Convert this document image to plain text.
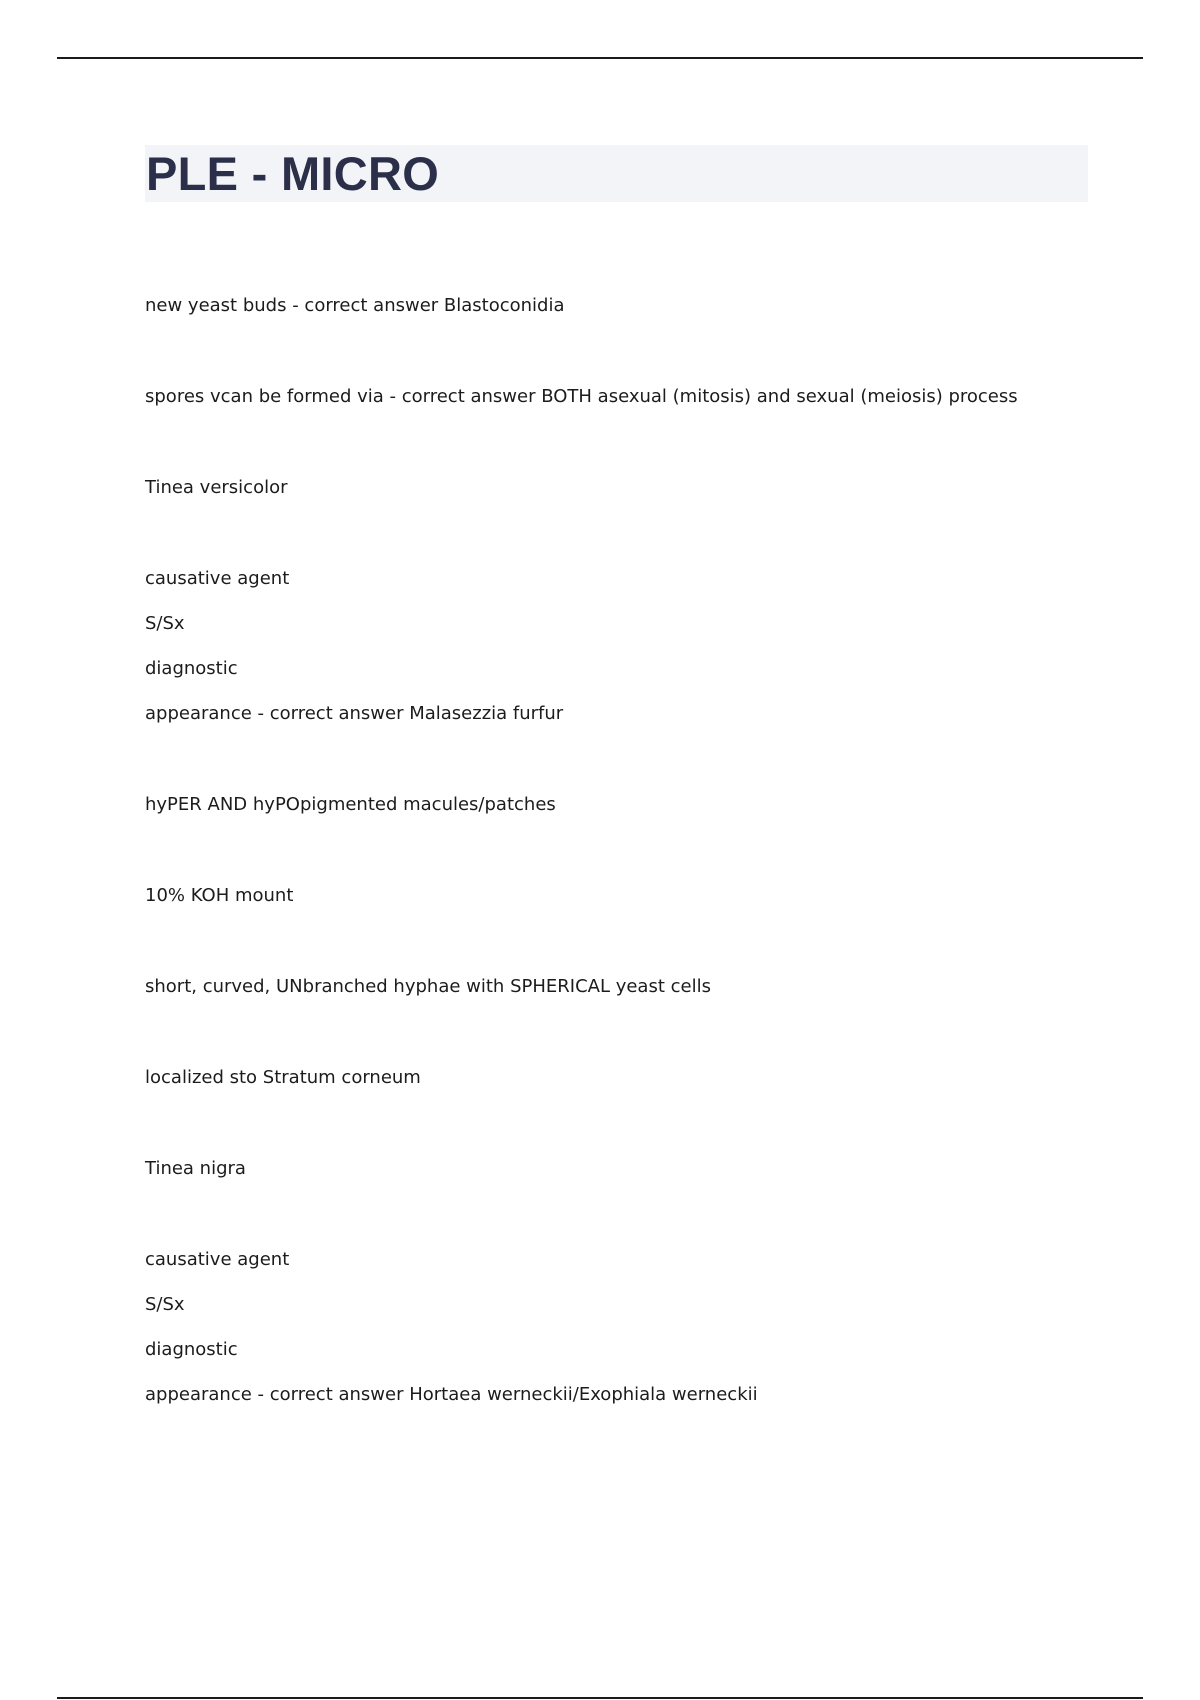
PLE - MICRO

new yeast buds - correct answer Blastoconidia

spores vcan be formed via - correct answer BOTH asexual (mitosis) and sexual (meiosis) process

Tinea versicolor

causative agent

S/Sx

diagnostic

appearance - correct answer Malasezzia furfur

hyPER AND hyPOpigmented macules/patches

10% KOH mount

short, curved, UNbranched hyphae with SPHERICAL yeast cells

localized sto Stratum corneum

Tinea nigra

causative agent

S/Sx

diagnostic

appearance - correct answer Hortaea werneckii/Exophiala werneckii
